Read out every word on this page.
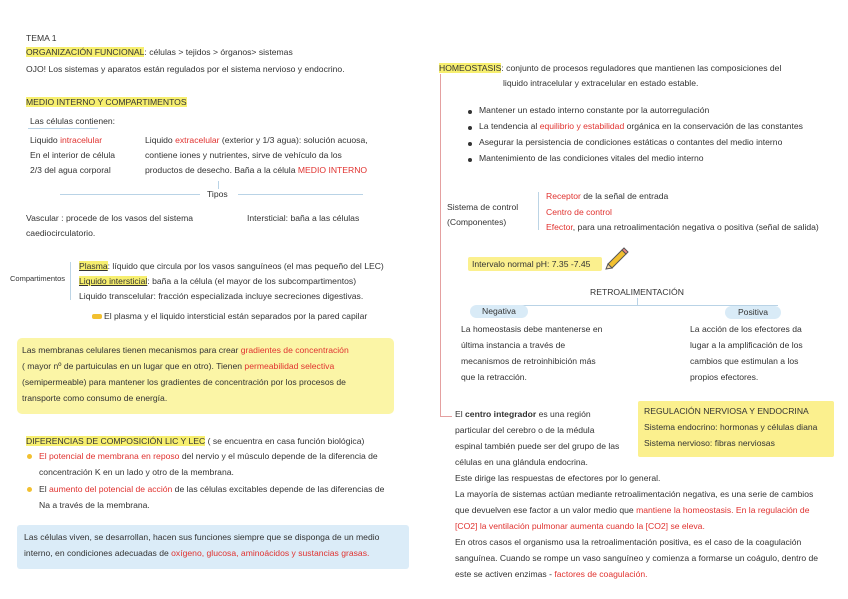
TEMA 1
ORGANIZACIÓN FUNCIONAL: células > tejidos > órganos> sistemas
OJO! Los sistemas y aparatos están regulados por el sistema nervioso y endocrino.
MEDIO INTERNO Y COMPARTIMENTOS
Las células contienen:
Liquido intracelular
En el interior de célula
2/3 del agua corporal
Liquido extracelular (exterior y 1/3 agua): solución acuosa,
contiene iones y nutrientes, sirve de vehículo da los
productos de desecho. Baña a la célula MEDIO INTERNO
Tipos
Vascular : procede de los vasos del sistema
caediocirculatorio.
Intersticial: baña a las células
Compartimentos
Plasma: líquido que circula por los vasos sanguíneos (el mas pequeño del LEC)
Liquido intersticial: baña a la célula (el mayor de los subcompartimentos)
Liquido transcelular: fracción especializada incluye secreciones digestivas.
El plasma y el liquido intersticial están separados por la pared capilar
Las membranas celulares tienen mecanismos para crear gradientes de concentración
( mayor nº de partuiculas en un lugar que en otro). Tienen permeabilidad selectiva
(semipermeable) para mantener los gradientes de concentración por los procesos de
transporte como consumo de energía.
DIFERENCIAS DE COMPOSICIÓN LIC Y LEC ( se encuentra en casa función biológica)
El potencial de membrana en reposo del nervio y el músculo depende de la diferencia de
concentración K en un lado y otro de la membrana.
El aumento del potencial de acción de las células excitables depende de las diferencias de
Na a través de la membrana.
Las células viven, se desarrollan, hacen sus funciones siempre que se disponga de un medio
interno, en condiciones adecuadas de oxígeno, glucosa, aminoácidos y sustancias grasas.
HOMEOSTASIS: conjunto de procesos reguladores que mantienen las composiciones del
liquido intracelular y extracelular en estado estable.
Mantener un estado interno constante por la autorregulación
La tendencia al equilibrio y estabilidad orgánica en la conservación de las constantes
Asegurar la persistencia de condiciones estáticas o contantes del medio interno
Mantenimiento de las condiciones vitales del medio interno
Sistema de control
(Componentes)
Receptor de la señal de entrada
Centro de control
Efector, para una retroalimentación negativa o positiva (señal de salida)
Intervalo normal pH: 7.35 -7.45
RETROALIMENTACIÓN
Negativa	Positiva
La homeostasis debe mantenerse en
última instancia a través de
mecanismos de retroinhibición más
que la retracción.
La acción de los efectores da
lugar a la amplificación de los
cambios que estimulan a los
propios efectores.
El centro integrador es una región
particular del cerebro o de la médula
espinal también puede ser del grupo de las
células en una glándula endocrina.
REGULACIÓN NERVIOSA Y ENDOCRINA
Sistema endocrino: hormonas y células diana
Sistema nervioso: fibras nerviosas
Este dirige las respuestas de efectores por lo general.
La mayoría de sistemas actúan mediante retroalimentación negativa, es una serie de cambios
que devuelven ese factor a un valor medio que mantiene la homeostasis. En la regulación de
[CO2] la ventilación pulmonar aumenta cuando la [CO2] se eleva.
En otros casos el organismo usa la retroalimentación positiva, es el caso de la coagulación
sanguínea. Cuando se rompe un vaso sanguíneo y comienza a formarse un coágulo, dentro de
este se activen enzimas - factores de coagulación.
